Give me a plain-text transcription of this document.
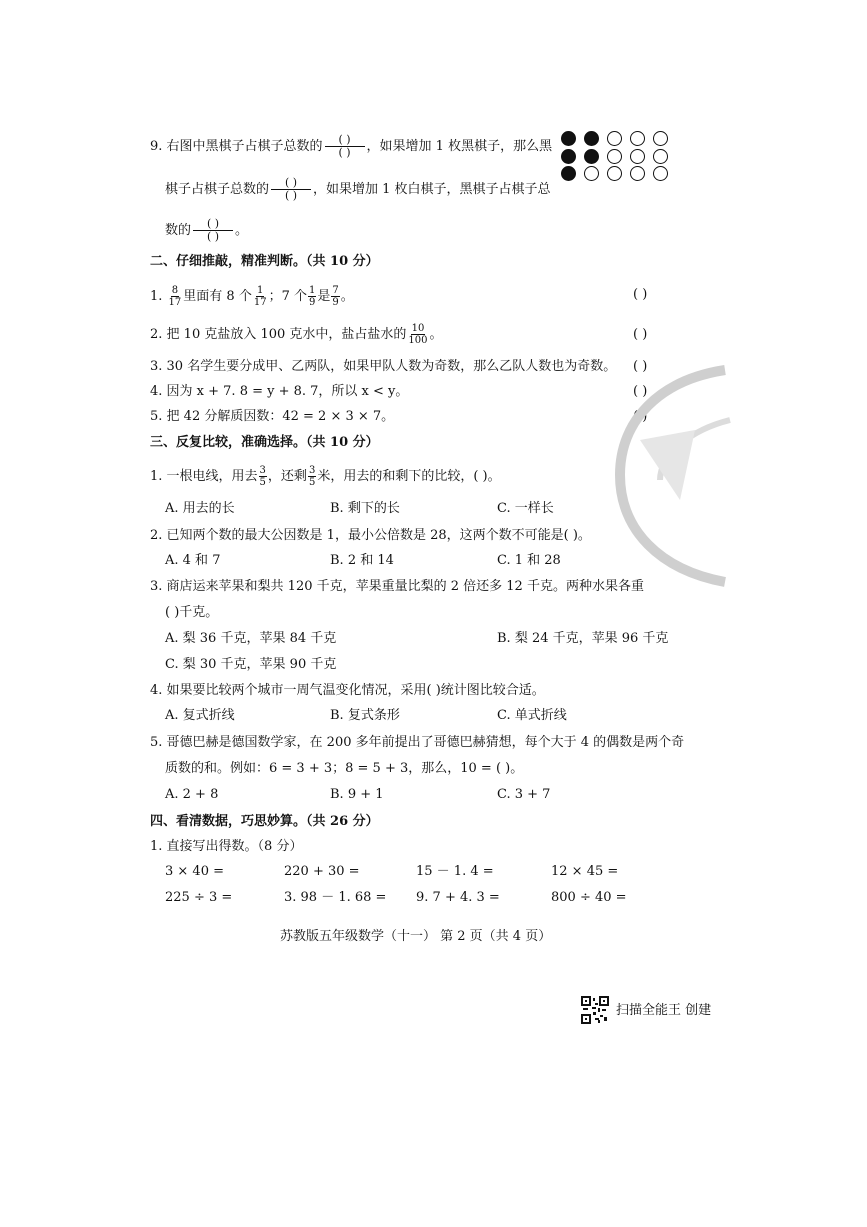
9. 右图中黑棋子占棋子总数的	( )
( )	，如果增加 1 枚黑棋子，那么黑
棋子占棋子总数的	( )
( )	，如果增加 1 枚白棋子，黑棋子占棋子总
数的	( )
( )	。
二、仔细推敲，精准判断。（共 10 分）
1. $\frac{8}{17}$ 里面有 8 个 $\frac{1}{17}$ ；7 个 $\frac{1}{9}$ 是 $\frac{7}{9}$ 。	( )
2. 把 10 克盐放入 100 克水中，盐占盐水的 $\frac{10}{100}$ 。	( )
3. 30 名学生要分成甲、乙两队，如果甲队人数为奇数，那么乙队人数也为奇数。 ( )
4. 因为 x + 7. 8 = y + 8. 7，所以 x < y。	( )
5. 把 42 分解质因数：42 = 2 × 3 × 7。	( )
三、反复比较，准确选择。（共 10 分）
1. 一根电线，用去 $\frac{3}{5}$ ，还剩 $\frac{3}{5}$ 米，用去的和剩下的比较，( )。
A. 用去的长	B. 剩下的长	C. 一样长
2. 已知两个数的最大公因数是 1，最小公倍数是 28，这两个数不可能是( )。
A. 4 和 7	B. 2 和 14	C. 1 和 28
3. 商店运来苹果和梨共 120 千克，苹果重量比梨的 2 倍还多 12 千克。两种水果各重
( )千克。
A. 梨 36 千克，苹果 84 千克	B. 梨 24 千克，苹果 96 千克
C. 梨 30 千克，苹果 90 千克
4. 如果要比较两个城市一周气温变化情况，采用( )统计图比较合适。
A. 复式折线	B. 复式条形	C. 单式折线
5. 哥德巴赫是德国数学家，在 200 多年前提出了哥德巴赫猜想，每个大于 4 的偶数是两个奇
质数的和。例如：6 = 3 + 3；8 = 5 + 3，那么，10 = ( )。
A. 2 + 8	B. 9 + 1	C. 3 + 7
四、看清数据，巧思妙算。（共 26 分）
1. 直接写出得数。（8 分）
3 × 40 =	220 + 30 =	15 － 1. 4 =	12 × 45 =
225 ÷ 3 =	3. 98 － 1. 68 = 9. 7 + 4. 3 =	800 ÷ 40 =
苏教版五年级数学（十一） 第 2 页（共 4 页）
扫描全能王 创建
